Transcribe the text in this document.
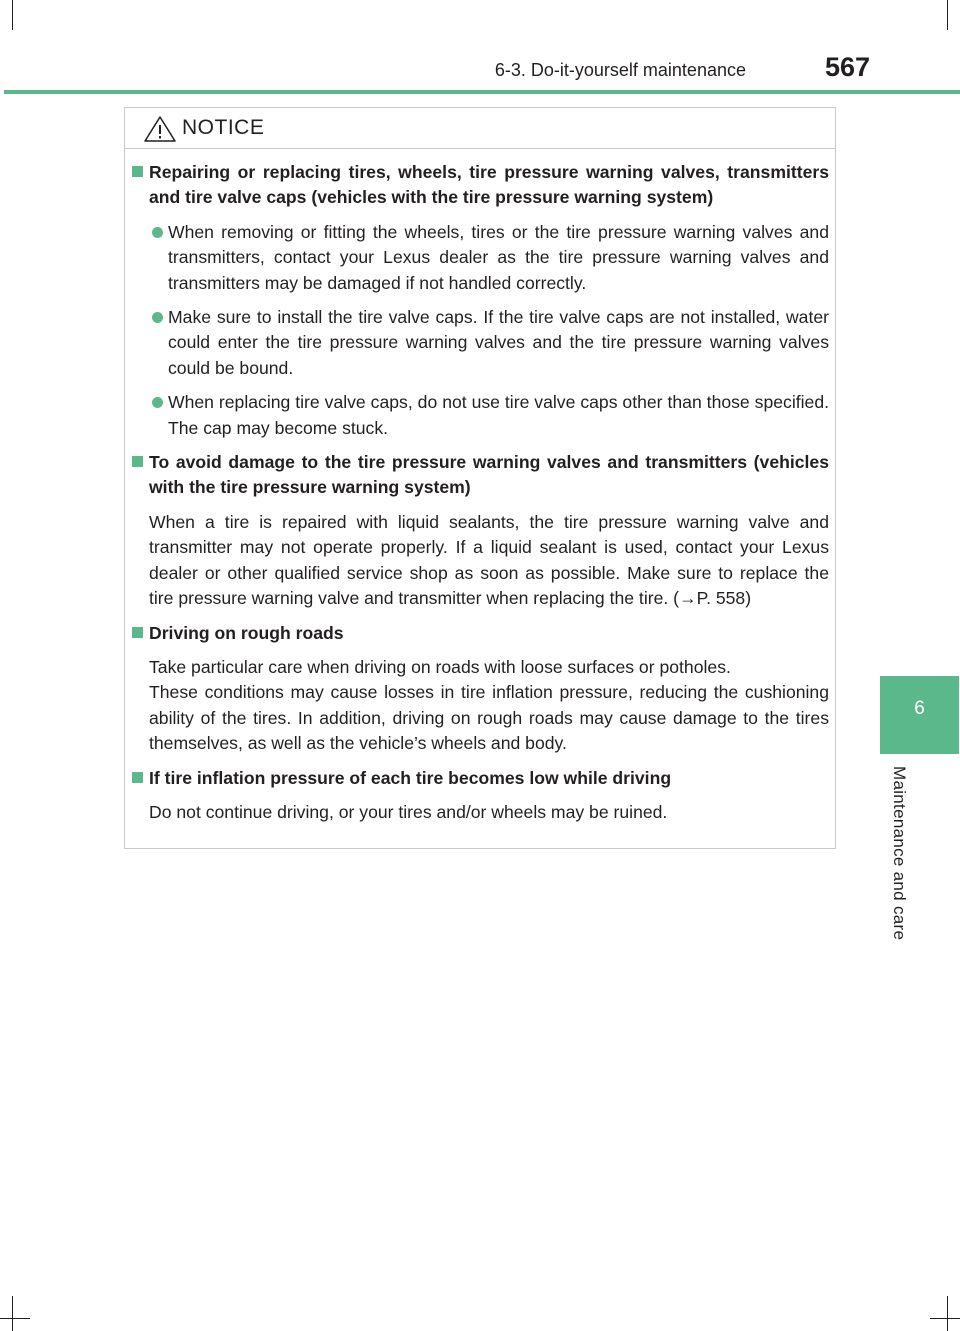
6-3. Do-it-yourself maintenance	567
6
Maintenance and care
NOTICE
Repairing or replacing tires, wheels, tire pressure warning valves, transmitters and tire valve caps (vehicles with the tire pressure warning system)
When removing or fitting the wheels, tires or the tire pressure warning valves and transmitters, contact your Lexus dealer as the tire pressure warning valves and transmitters may be damaged if not handled correctly.
Make sure to install the tire valve caps. If the tire valve caps are not installed, water could enter the tire pressure warning valves and the tire pressure warning valves could be bound.
When replacing tire valve caps, do not use tire valve caps other than those specified. The cap may become stuck.
To avoid damage to the tire pressure warning valves and transmitters (vehicles with the tire pressure warning system)
When a tire is repaired with liquid sealants, the tire pressure warning valve and transmitter may not operate properly. If a liquid sealant is used, contact your Lexus dealer or other qualified service shop as soon as possible. Make sure to replace the tire pressure warning valve and transmitter when replacing the tire. (→P. 558)
Driving on rough roads
Take particular care when driving on roads with loose surfaces or potholes.
These conditions may cause losses in tire inflation pressure, reducing the cushioning ability of the tires. In addition, driving on rough roads may cause damage to the tires themselves, as well as the vehicle’s wheels and body.
If tire inflation pressure of each tire becomes low while driving
Do not continue driving, or your tires and/or wheels may be ruined.
